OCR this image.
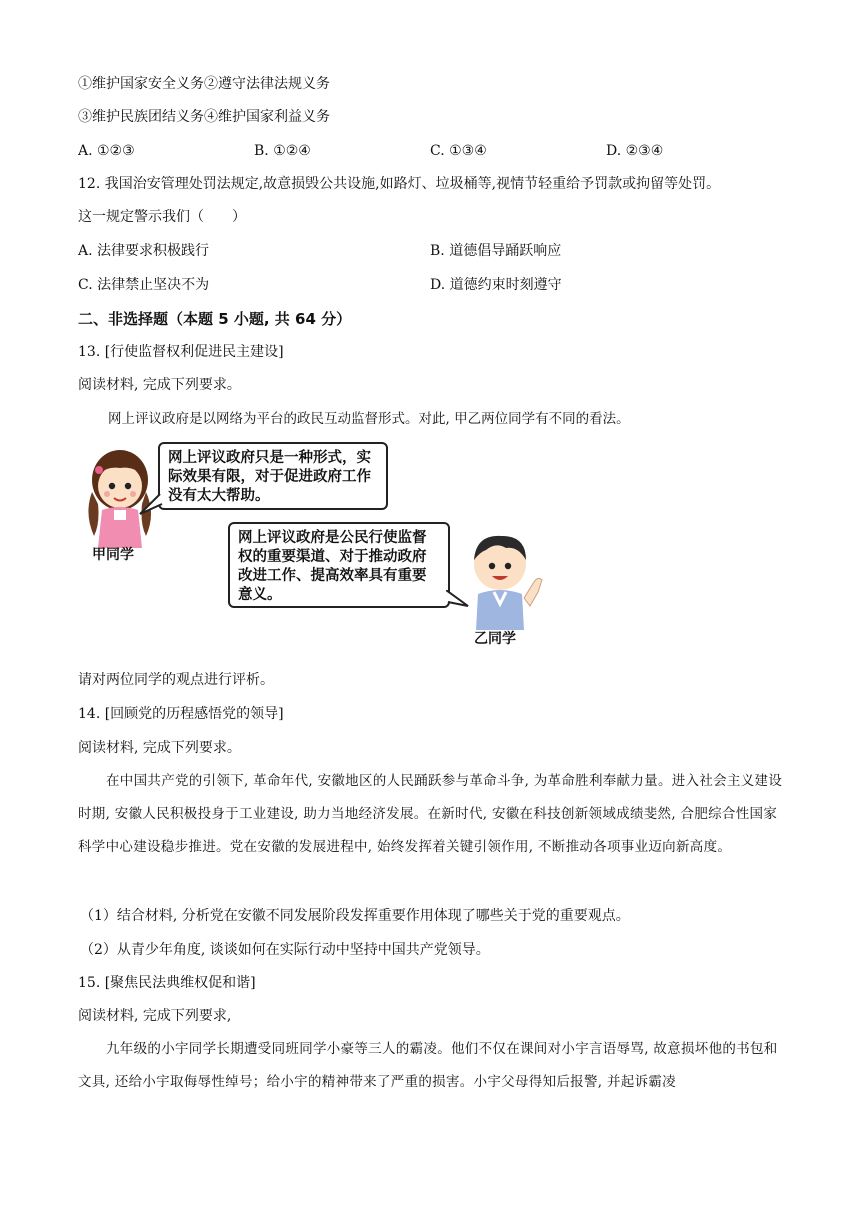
①维护国家安全义务②遵守法律法规义务
③维护民族团结义务④维护国家利益义务
A. ①②③	B. ①②④	C. ①③④	D. ②③④
12. 我国治安管理处罚法规定,故意损毁公共设施,如路灯、垃圾桶等,视情节轻重给予罚款或拘留等处罚。
这一规定警示我们（　　）
A. 法律要求积极践行	B. 道德倡导踊跃响应
C. 法律禁止坚决不为	D. 道德约束时刻遵守
二、非选择题（本题 5 小题, 共 64 分）
13. [行使监督权利促进民主建设]
阅读材料, 完成下列要求。
网上评议政府是以网络为平台的政民互动监督形式。对此, 甲乙两位同学有不同的看法。
甲同学
网上评议政府只是一种形式，实际效果有限，对于促进政府工作没有太大帮助。
网上评议政府是公民行使监督权的重要渠道、对于推动政府改进工作、提高效率具有重要意义。
乙同学
请对两位同学的观点进行评析。
14. [回顾党的历程感悟党的领导]
阅读材料, 完成下列要求。
在中国共产党的引领下, 革命年代, 安徽地区的人民踊跃参与革命斗争, 为革命胜利奉献力量。进入社会主义建设时期, 安徽人民积极投身于工业建设, 助力当地经济发展。在新时代, 安徽在科技创新领域成绩斐然, 合肥综合性国家科学中心建设稳步推进。党在安徽的发展进程中, 始终发挥着关键引领作用, 不断推动各项事业迈向新高度。
（1）结合材料, 分析党在安徽不同发展阶段发挥重要作用体现了哪些关于党的重要观点。
（2）从青少年角度, 谈谈如何在实际行动中坚持中国共产党领导。
15. [聚焦民法典维权促和谐]
阅读材料, 完成下列要求,
九年级的小宇同学长期遭受同班同学小豪等三人的霸凌。他们不仅在课间对小宇言语辱骂, 故意损坏他的书包和文具, 还给小宇取侮辱性绰号；给小宇的精神带来了严重的损害。小宇父母得知后报警, 并起诉霸凌
